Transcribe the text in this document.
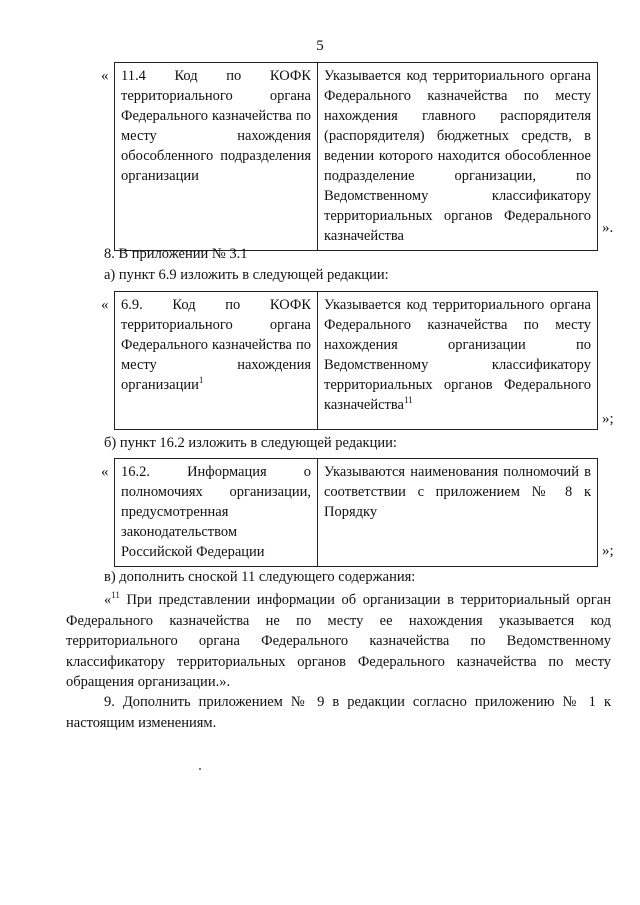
5
« 11.4 Код по КОФК территориального органа Федерального казначейства по месту нахождения обособленного подразделения организации	Указывается код территориального органа Федерального казначейства по месту нахождения главного распорядителя (распорядителя) бюджетных средств, в ведении которого находится обособленное подразделение организации, по Ведомственному классификатору территориальных органов Федерального казначейства	».
8. В приложении № 3.1
а) пункт 6.9 изложить в следующей редакции:
« 6.9. Код по КОФК территориального органа Федерального казначейства по месту нахождения организации$^1$	Указывается код территориального органа Федерального казначейства по месту нахождения организации по Ведомственному классификатору территориальных органов Федерального казначейства$^{11}$
»;
б) пункт 16.2 изложить в следующей редакции:
« 16.2. Информация о полномочиях организации, предусмотренная законодательством Российской Федерации	Указываются наименования полномочий в соответствии с приложением № 8 к Порядку
»;
в) дополнить сноской 11 следующего содержания:
«$^{11}$ При представлении информации об организации в территориальный орган Федерального казначейства не по месту ее нахождения указывается код территориального органа Федерального казначейства по Ведомственному классификатору территориальных органов Федерального казначейства по месту обращения организации.».
9. Дополнить приложением № 9 в редакции согласно приложению № 1 к настоящим изменениям.
